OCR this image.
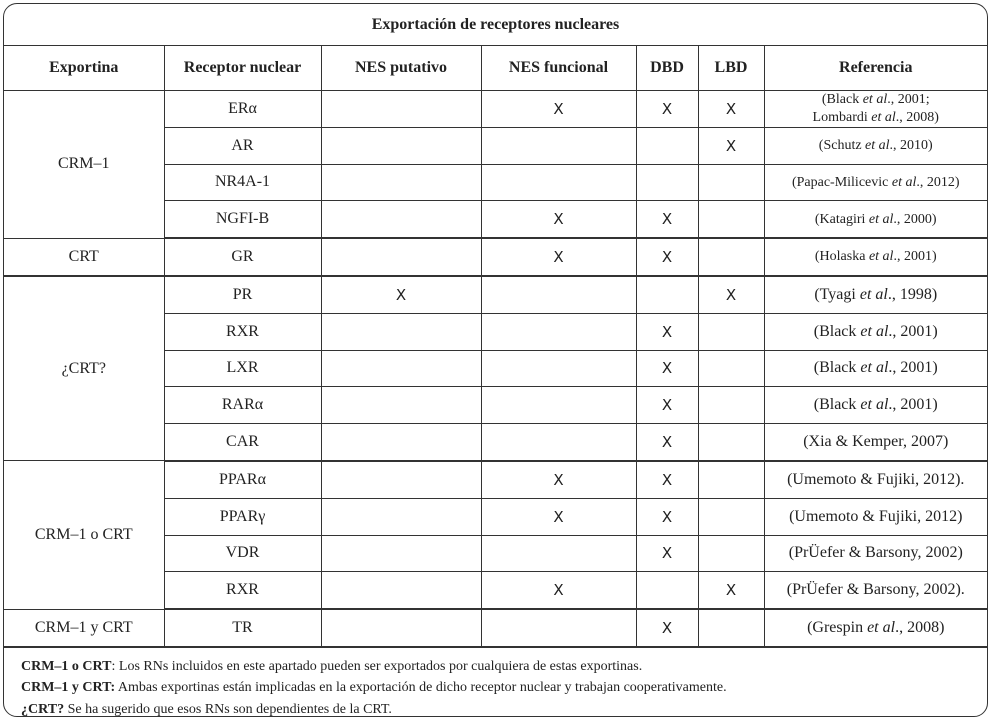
Exportación de receptores nucleares
Exportina	Receptor nuclear	NES putativo	NES funcional	DBD	LBD	Referencia
CRM–1	ERα		X	X	X	(Black et al., 2001;
Lombardi et al., 2008)
	AR				X	(Schutz et al., 2010)
	NR4A-1					(Papac-Milicevic et al., 2012)
	NGFI-B		X	X		(Katagiri et al., 2000)
CRT	GR		X	X		(Holaska et al., 2001)
¿CRT?	PR	X			X	(Tyagi et al., 1998)
	RXR			X		(Black et al., 2001)
	LXR			X		(Black et al., 2001)
	RARα			X		(Black et al., 2001)
	CAR			X		(Xia & Kemper, 2007)
CRM–1 o CRT	PPARα		X	X		(Umemoto & Fujiki, 2012).
	PPARγ		X	X		(Umemoto & Fujiki, 2012)
	VDR			X		(PrÜefer & Barsony, 2002)
	RXR		X		X	(PrÜefer & Barsony, 2002).
CRM–1 y CRT	TR			X		(Grespin et al., 2008)
CRM–1 o CRT: Los RNs incluidos en este apartado pueden ser exportados por cualquiera de estas exportinas.
CRM–1 y CRT: Ambas exportinas están implicadas en la exportación de dicho receptor nuclear y trabajan cooperativamente.
¿CRT? Se ha sugerido que esos RNs son dependientes de la CRT.
